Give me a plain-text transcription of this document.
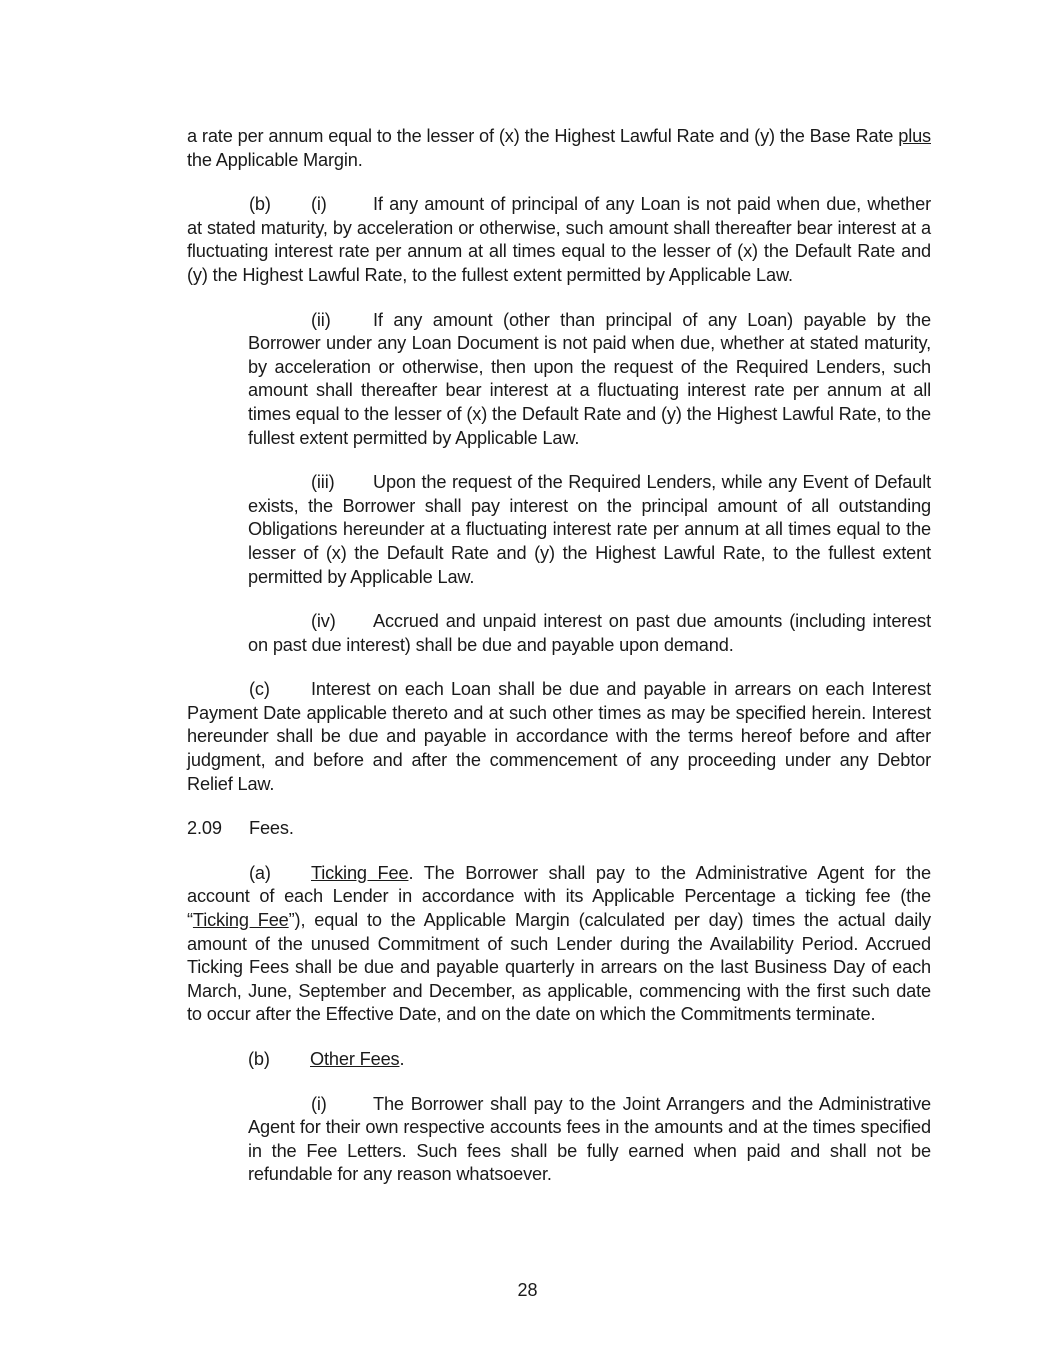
a rate per annum equal to the lesser of (x) the Highest Lawful Rate and (y) the Base Rate plus the Applicable Margin.

(b) (i)	If any amount of principal of any Loan is not paid when due, whether at stated maturity, by acceleration or otherwise, such amount shall thereafter bear interest at a fluctuating interest rate per annum at all times equal to the lesser of (x) the Default Rate and (y) the Highest Lawful Rate, to the fullest extent permitted by Applicable Law.

(ii) If any amount (other than principal of any Loan) payable by the Borrower under any Loan Document is not paid when due, whether at stated maturity, by acceleration or otherwise, then upon the request of the Required Lenders, such amount shall thereafter bear interest at a fluctuating interest rate per annum at all times equal to the lesser of (x) the Default Rate and (y) the Highest Lawful Rate, to the fullest extent permitted by Applicable Law.

(iii) Upon the request of the Required Lenders, while any Event of Default exists, the Borrower shall pay interest on the principal amount of all outstanding Obligations hereunder at a fluctuating interest rate per annum at all times equal to the lesser of (x) the Default Rate and (y) the Highest Lawful Rate, to the fullest extent permitted by Applicable Law.

(iv) Accrued and unpaid interest on past due amounts (including interest on past due interest) shall be due and payable upon demand.

(c) Interest on each Loan shall be due and payable in arrears on each Interest Payment Date applicable thereto and at such other times as may be specified herein. Interest hereunder shall be due and payable in accordance with the terms hereof before and after judgment, and before and after the commencement of any proceeding under any Debtor Relief Law.

2.09 Fees.

(a) Ticking Fee. The Borrower shall pay to the Administrative Agent for the account of each Lender in accordance with its Applicable Percentage a ticking fee (the “Ticking Fee”), equal to the Applicable Margin (calculated per day) times the actual daily amount of the unused Commitment of such Lender during the Availability Period. Accrued Ticking Fees shall be due and payable quarterly in arrears on the last Business Day of each March, June, September and December, as applicable, commencing with the first such date to occur after the Effective Date, and on the date on which the Commitments terminate.

(b) Other Fees.

(i)	The Borrower shall pay to the Joint Arrangers and the Administrative Agent for their own respective accounts fees in the amounts and at the times specified in the Fee Letters. Such fees shall be fully earned when paid and shall not be refundable for any reason whatsoever.

28
